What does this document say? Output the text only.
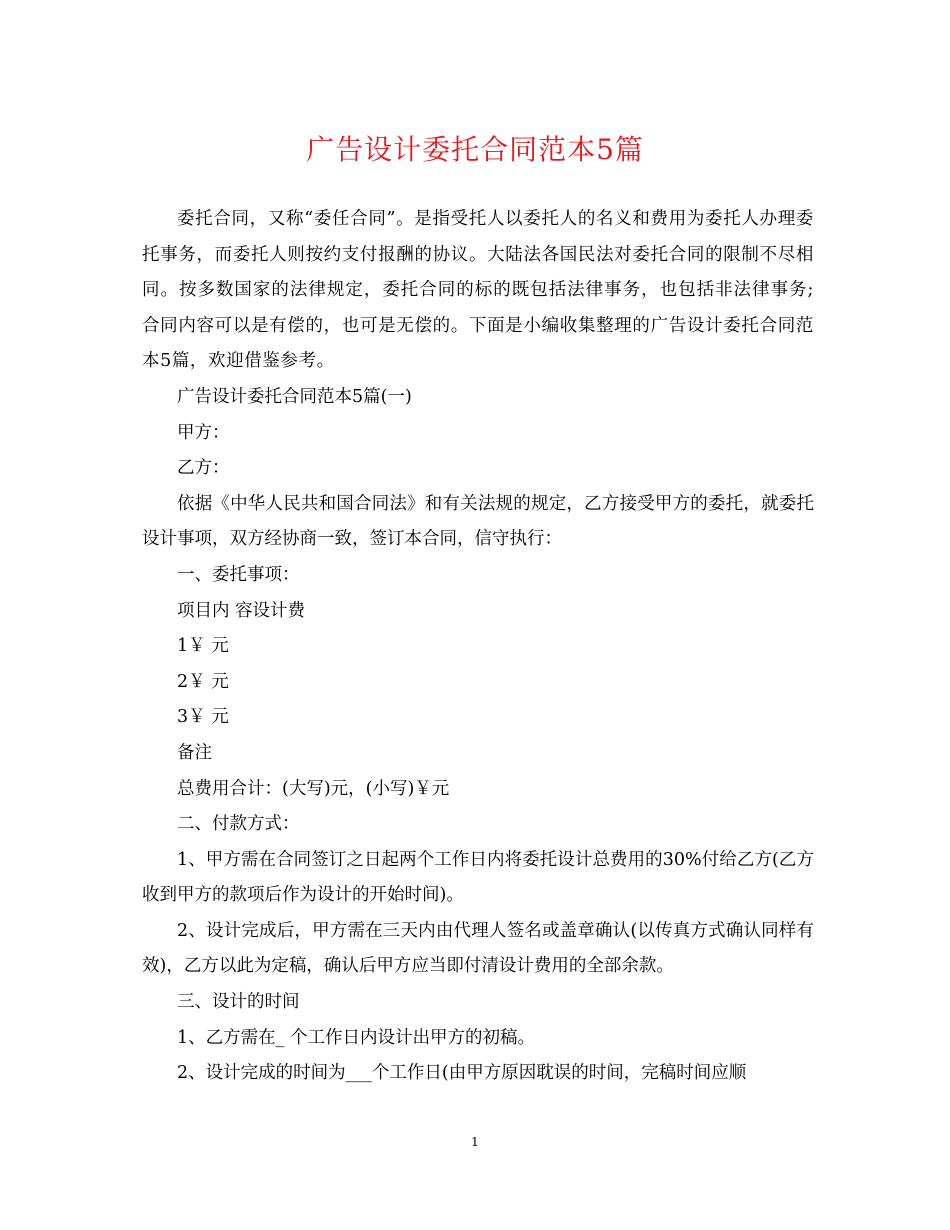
广告设计委托合同范本5篇

委托合同，又称“委任合同”。是指受托人以委托人的名义和费用为委托人办理委托事务，而委托人则按约支付报酬的协议。大陆法各国民法对委托合同的限制不尽相同。按多数国家的法律规定，委托合同的标的既包括法律事务，也包括非法律事务;合同内容可以是有偿的，也可是无偿的。下面是小编收集整理的广告设计委托合同范本5篇，欢迎借鉴参考。

广告设计委托合同范本5篇(一)

甲方：

乙方：

依据《中华人民共和国合同法》和有关法规的规定，乙方接受甲方的委托，就委托设计事项，双方经协商一致，签订本合同，信守执行：

一、委托事项：

项目内 容设计费

1￥ 元

2￥ 元

3￥ 元

备注

总费用合计：(大写)元，(小写)￥元

二、付款方式：

1、甲方需在合同签订之日起两个工作日内将委托设计总费用的30%付给乙方(乙方收到甲方的款项后作为设计的开始时间)。

2、设计完成后，甲方需在三天内由代理人签名或盖章确认(以传真方式确认同样有效)，乙方以此为定稿，确认后甲方应当即付清设计费用的全部余款。

三、设计的时间

1、乙方需在_ 个工作日内设计出甲方的初稿。

2、设计完成的时间为___个工作日(由甲方原因耽误的时间，完稿时间应顺

1
